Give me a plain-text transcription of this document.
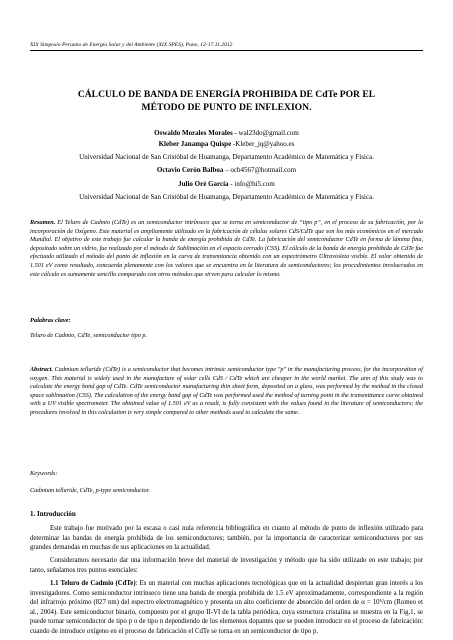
XIX Simposio Peruano de Energía Solar y del Ambiente (XIX SPES), Puno, 12-17.11.2012
CÁLCULO DE BANDA DE ENERGÍA PROHIBIDA DE CdTe POR EL
MÉTODO DE PUNTO DE INFLEXION.
Oswaldo Morales Morales - wal23do@gmail.com
Kleber Janampa Quispe -Kleber_jq@yahoo.es
Universidad Nacional de San Cristóbal de Huamanga, Departamento Académico de Matemática y Física.
Octavio Cerón Balboa – ocb4567@hotmail.com
Julio Oré García - info@hi5.com
Universidad Nacional de San Cristóbal de Huamanga, Departamento Académico de Matemática y Física.
Resumen. El Teluro de Cadmio (CdTe) es un semiconductor intrínseco que se torna en semiconductor de “tipo p”, en el proceso de su fabricación, por la incorporación de Oxígeno. Este material es ampliamente utilizado en la fabricación de células solares CdS/CdTe que son los más económicos en el mercado Mundial. El objetivo de este trabajo fue calcular la banda de energía prohibida de CdTe. La fabricación del semiconductor CdTe en forma de lámina fina, depositado sobre un vidrio, fue realizado por el método de Sublimación en el espacio cerrado (CSS). El cálculo de la banda de energía prohibida de CdTe fue efectuado utilizado el método del punto de inflexión en la curva de transmitancia obtenido con un espectrómetro Ultravioleta visible. El valor obtenido de 1.501 eV como resultado, concuerda plenamente con los valores que se encuentra en la literatura de semiconductores; los procedimientos involucrados en este cálculo es sumamente sencillo comparado con otros métodos que sirven para calcular lo mismo.
Palabras clave:
Teluro de Cadmio, CdTe, semiconductor tipo p.
Abstract. Cadmium telluride (CdTe) is a semiconductor that becomes intrinsic semiconductor type "p" in the manufacturing process, for the incorporation of oxygen. This material is widely used in the manufacture of solar cells CdS / CdTe which are cheaper in the world market. The aim of this study was to calculate the energy band gap of CdTe. CdTe semiconductor manufacturing thin sheet form, deposited on a glass, was performed by the method in the closed space sublimation (CSS). The calculation of the energy band gap of CdTe was performed used the method of turning point in the transmittance curve obtained with a UV visible spectrometer. The obtained value of 1.501 eV as a result, is fully consistent with the values found in the literature of semiconductors; the procedures involved in this calculation is very simple compared to other methods used to calculate the same.
Keywords:
Cadmium telluride, CdTe, p-type semiconductor.
1. Introducción
Este trabajo fue motivado por la escasa o casi nula referencia bibliográfica en cuanto al método de punto de inflexión utilizado para determinar las bandas de energía prohibida de los semiconductores; también, por la importancia de caracterizar semiconductores por sus grandes demandas en muchas de sus aplicaciones en la actualidad.
Consideramos necesario dar una información breve del material de investigación y método que ha sido utilizado en este trabajo; por tanto, señalamos tres puntos esenciales:
1.1 Teluro de Cadmio (CdTe): Es un material con muchas aplicaciones tecnológicas que en la actualidad despiertan gran interés a los investigadores. Como semiconductor intrínseco tiene una banda de energía prohibida de 1.5 eV aproximadamente, correspondiente a la región del infrarrojo próximo (827 nm) del espectro electromagnético y presenta un alto coeficiente de absorción del orden de α = 10⁵/cm (Romeo et al., 2004). Este semiconductor binario, compuesto por el grupo II-VI de la tabla periódica, cuya estructura cristalina se muestra en la Fig.1, se puede tornar semiconductor de tipo p o de tipo n dependiendo de los elementos dopantes que se pueden introducir en el proceso de fabricación: cuando de introduce oxígeno en el proceso de fabricación el CdTe se torna en un semiconductor de tipo p.
